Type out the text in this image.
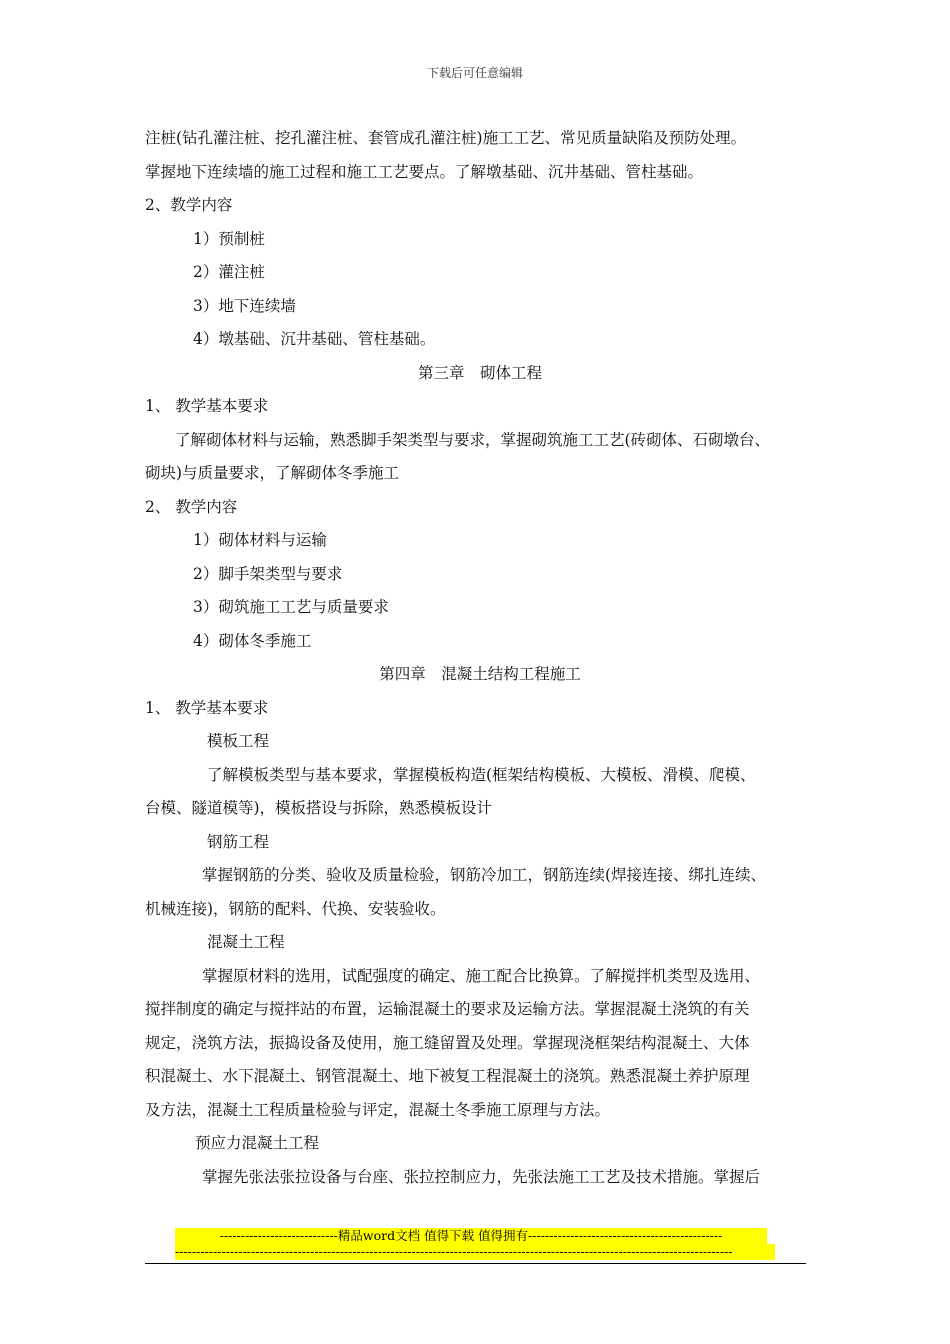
下载后可任意编辑
注桩(钻孔灌注桩、挖孔灌注桩、套管成孔灌注桩)施工工艺、常见质量缺陷及预防处理。
掌握地下连续墙的施工过程和施工工艺要点。了解墩基础、沉井基础、管柱基础。
2、教学内容
1）预制桩
2）灌注桩
3）地下连续墙
4）墩基础、沉井基础、管柱基础。
第三章　砌体工程
1、 教学基本要求
了解砌体材料与运输，熟悉脚手架类型与要求，掌握砌筑施工工艺(砖砌体、石砌墩台、
砌块)与质量要求，了解砌体冬季施工
2、 教学内容
1）砌体材料与运输
2）脚手架类型与要求
3）砌筑施工工艺与质量要求
4）砌体冬季施工
第四章　混凝土结构工程施工
1、 教学基本要求
模板工程
了解模板类型与基本要求，掌握模板构造(框架结构模板、大模板、滑模、爬模、
台模、隧道模等)，模板搭设与拆除，熟悉模板设计
钢筋工程
掌握钢筋的分类、验收及质量检验，钢筋冷加工，钢筋连续(焊接连接、绑扎连续、
机械连接)，钢筋的配料、代换、安装验收。
混凝土工程
掌握原材料的选用，试配强度的确定、施工配合比换算。了解搅拌机类型及选用、
搅拌制度的确定与搅拌站的布置，运输混凝土的要求及运输方法。掌握混凝土浇筑的有关
规定，浇筑方法，振捣设备及使用，施工缝留置及处理。掌握现浇框架结构混凝土、大体
积混凝土、水下混凝土、钢管混凝土、地下被复工程混凝土的浇筑。熟悉混凝土养护原理
及方法，混凝土工程质量检验与评定，混凝土冬季施工原理与方法。
预应力混凝土工程
掌握先张法张拉设备与台座、张拉控制应力，先张法施工工艺及技术措施。掌握后
----------------------------精品word文档 值得下载 值得拥有----------------------------------------------
------------------------------------------------------------------------------------------------------------------------------------
